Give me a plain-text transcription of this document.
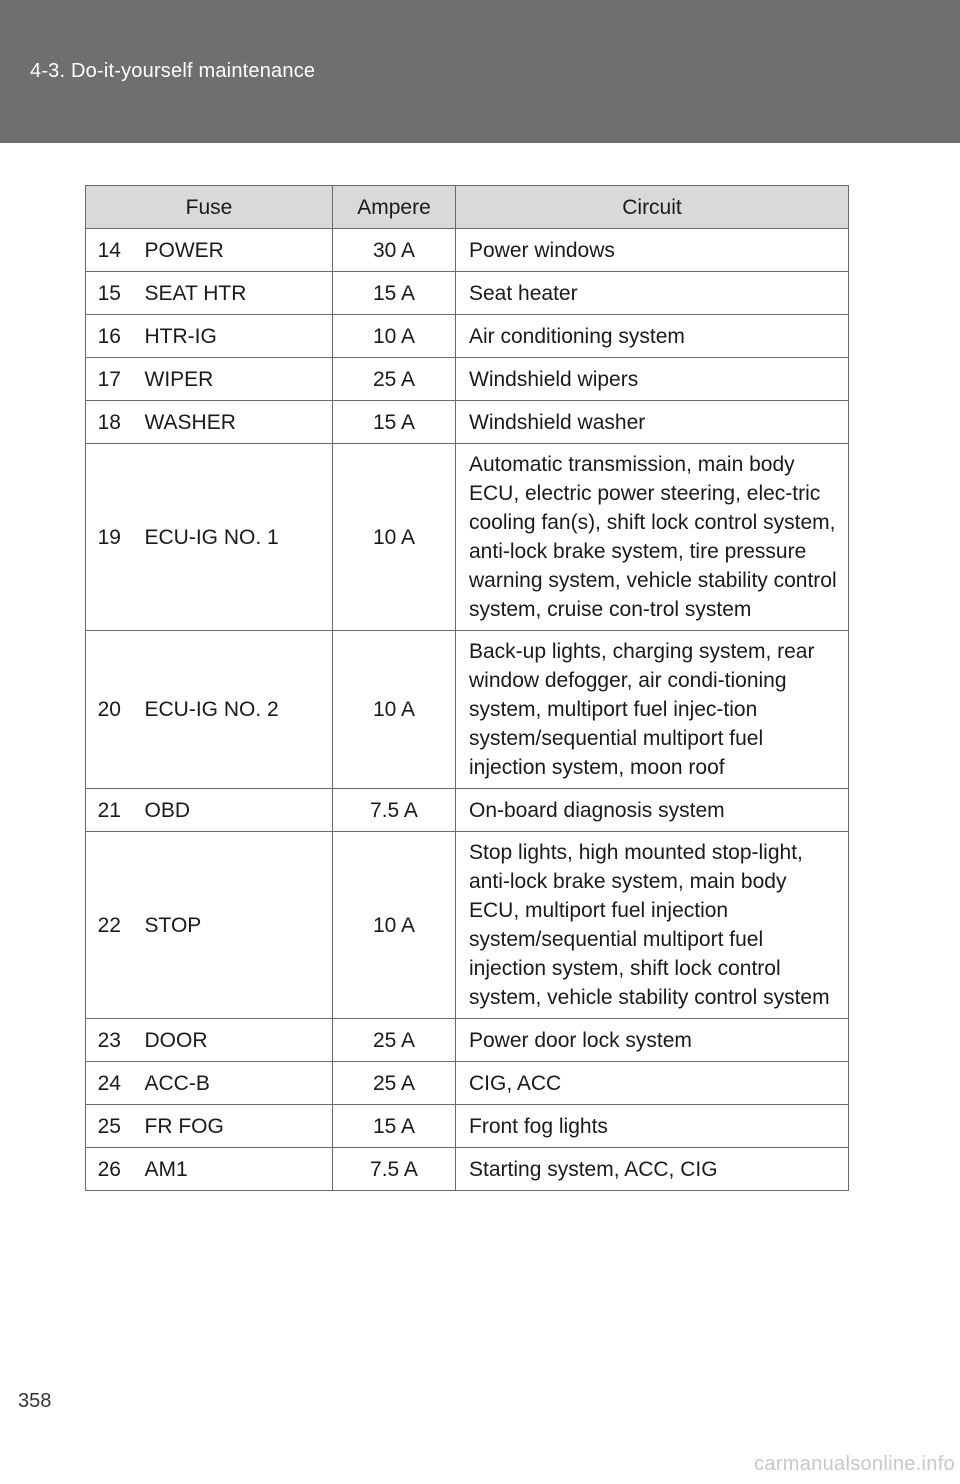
4-3. Do-it-yourself maintenance
Fuse		Ampere	Circuit
14	POWER	30 A	Power windows
15	SEAT HTR	15 A	Seat heater
16	HTR-IG	10 A	Air conditioning system
17	WIPER	25 A	Windshield wipers
18	WASHER	15 A	Windshield washer
19	ECU-IG NO. 1	10 A	Automatic transmission, main body ECU, electric power steering, elec-tric cooling fan(s), shift lock control system, anti-lock brake system, tire pressure warning system, vehicle stability control system, cruise con-trol system
20	ECU-IG NO. 2	10 A	Back-up lights, charging system, rear window defogger, air condi-tioning system, multiport fuel injec-tion system/sequential multiport fuel injection system, moon roof
21	OBD	7.5 A	On-board diagnosis system
22	STOP	10 A	Stop lights, high mounted stop-light, anti-lock brake system, main body ECU, multiport fuel injection system/sequential multiport fuel injection system, shift lock control system, vehicle stability control system
23	DOOR	25 A	Power door lock system
24	ACC-B	25 A	CIG, ACC
25	FR FOG	15 A	Front fog lights
26	AM1	7.5 A	Starting system, ACC, CIG
358
carmanualsonline.info
